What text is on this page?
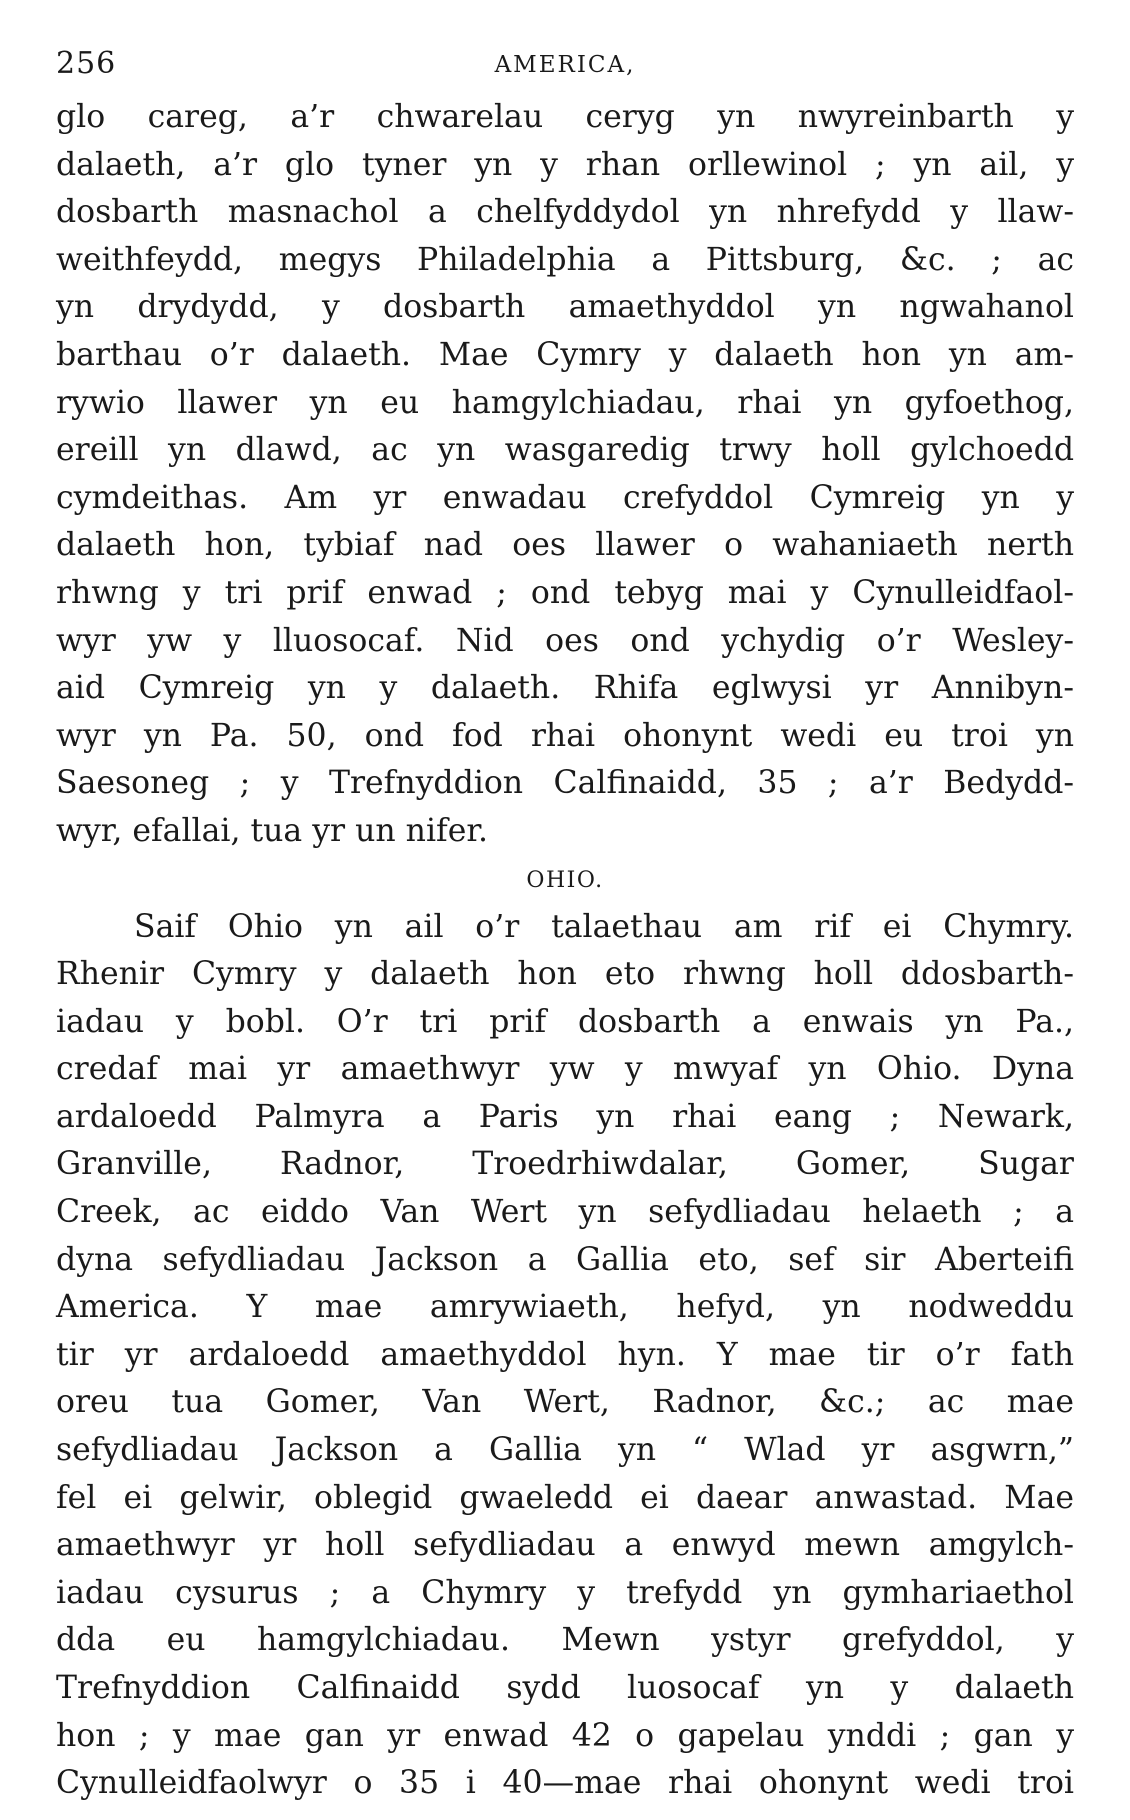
256	AMERICA,
glo careg, a’r chwarelau ceryg yn nwyreinbarth y
dalaeth, a’r glo tyner yn y rhan orllewinol ; yn ail, y
dosbarth masnachol a chelfyddydol yn nhrefydd y llaw-
weithfeydd, megys Philadelphia a Pittsburg, &c. ; ac
yn drydydd, y dosbarth amaethyddol yn ngwahanol
barthau o’r dalaeth. Mae Cymry y dalaeth hon yn am-
rywio llawer yn eu hamgylchiadau, rhai yn gyfoethog,
ereill yn dlawd, ac yn wasgaredig trwy holl gylchoedd
cymdeithas. Am yr enwadau crefyddol Cymreig yn y
dalaeth hon, tybiaf nad oes llawer o wahaniaeth nerth
rhwng y tri prif enwad ; ond tebyg mai y Cynulleidfaol-
wyr yw y lluosocaf. Nid oes ond ychydig o’r Wesley-
aid Cymreig yn y dalaeth. Rhifa eglwysi yr Annibyn-
wyr yn Pa. 50, ond fod rhai ohonynt wedi eu troi yn
Saesoneg ; y Trefnyddion Calfinaidd, 35 ; a’r Bedydd-
wyr, efallai, tua yr un nifer.
OHIO.
Saif Ohio yn ail o’r talaethau am rif ei Chymry.
Rhenir Cymry y dalaeth hon eto rhwng holl ddosbarth-
iadau y bobl. O’r tri prif dosbarth a enwais yn Pa.,
credaf mai yr amaethwyr yw y mwyaf yn Ohio. Dyna
ardaloedd Palmyra a Paris yn rhai eang ; Newark,
Granville, Radnor, Troedrhiwdalar, Gomer, Sugar
Creek, ac eiddo Van Wert yn sefydliadau helaeth ; a
dyna sefydliadau Jackson a Gallia eto, sef sir Aberteifi
America. Y mae amrywiaeth, hefyd, yn nodweddu
tir yr ardaloedd amaethyddol hyn. Y mae tir o’r fath
oreu tua Gomer, Van Wert, Radnor, &c.; ac mae
sefydliadau Jackson a Gallia yn “ Wlad yr asgwrn,”
fel ei gelwir, oblegid gwaeledd ei daear anwastad. Mae
amaethwyr yr holl sefydliadau a enwyd mewn amgylch-
iadau cysurus ; a Chymry y trefydd yn gymhariaethol
dda eu hamgylchiadau. Mewn ystyr grefyddol, y
Trefnyddion Calfinaidd sydd luosocaf yn y dalaeth
hon ; y mae gan yr enwad 42 o gapelau ynddi ; gan y
Cynulleidfaolwyr o 35 i 40—mae rhai ohonynt wedi troi
